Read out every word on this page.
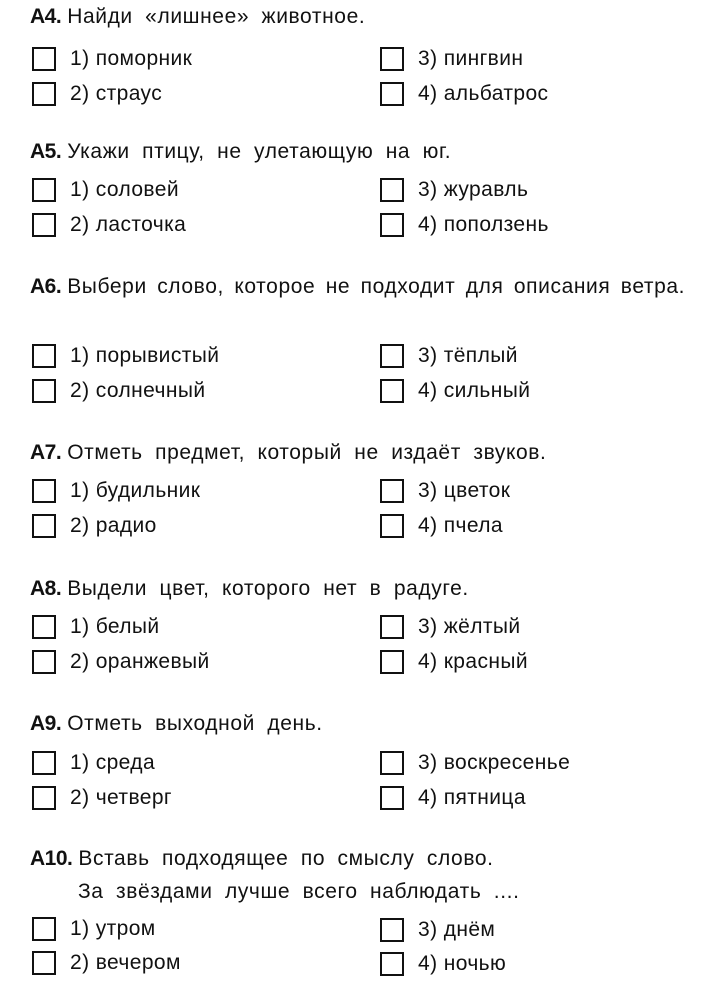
А4. Найди «лишнее» животное.
1) поморник
2) страус
3) пингвин
4) альбатрос
А5. Укажи птицу, не улетающую на юг.
1) соловей
2) ласточка
3) журавль
4) поползень
А6. Выбери слово, которое не подходит для описания ветра.
1) порывистый
2) солнечный
3) тёплый
4) сильный
А7. Отметь предмет, который не издаёт звуков.
1) будильник
2) радио
3) цветок
4) пчела
А8. Выдели цвет, которого нет в радуге.
1) белый
2) оранжевый
3) жёлтый
4) красный
А9. Отметь выходной день.
1) среда
2) четверг
3) воскресенье
4) пятница
А10. Вставь подходящее по смыслу слово.
За звёздами лучше всего наблюдать ....
1) утром
2) вечером
3) днём
4) ночью
